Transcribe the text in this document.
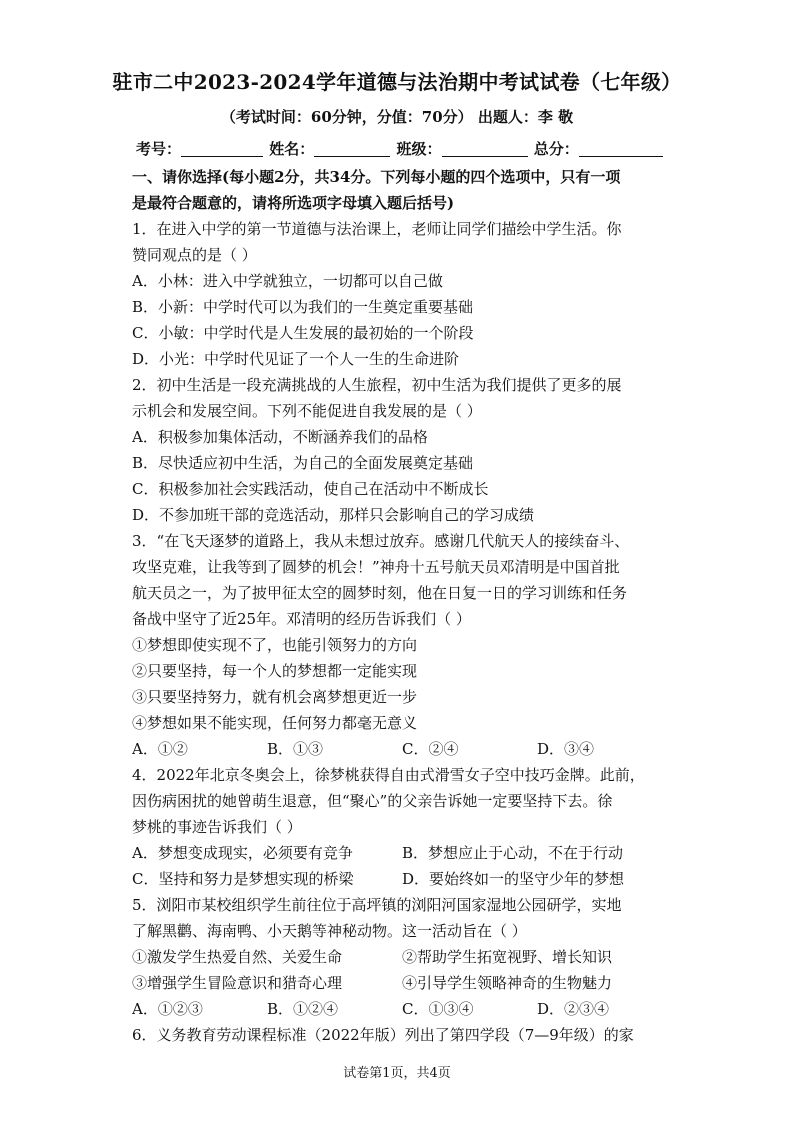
驻市二中2023-2024学年道德与法治期中考试试卷（七年级）
（考试时间：60分钟，分值：70分） 出题人：李 敬
考号：	姓名：	班级：	总分：
一、请你选择(每小题2分，共34分。下列每小题的四个选项中，只有一项
是最符合题意的，请将所选项字母填入题后括号)
1．在进入中学的第一节道德与法治课上，老师让同学们描绘中学生活。你
赞同观点的是（ ）
A．小林：进入中学就独立，一切都可以自己做
B．小新：中学时代可以为我们的一生奠定重要基础
C．小敏：中学时代是人生发展的最初始的一个阶段
D．小光：中学时代见证了一个人一生的生命进阶
2．初中生活是一段充满挑战的人生旅程，初中生活为我们提供了更多的展
示机会和发展空间。下列不能促进自我发展的是（ ）
A．积极参加集体活动，不断涵养我们的品格
B．尽快适应初中生活，为自己的全面发展奠定基础
C．积极参加社会实践活动，使自己在活动中不断成长
D．不参加班干部的竞选活动，那样只会影响自己的学习成绩
3．“在飞天逐梦的道路上，我从未想过放弃。感谢几代航天人的接续奋斗、
攻坚克难，让我等到了圆梦的机会！”神舟十五号航天员邓清明是中国首批
航天员之一，为了披甲征太空的圆梦时刻，他在日复一日的学习训练和任务
备战中坚守了近25年。邓清明的经历告诉我们（ ）
①梦想即使实现不了，也能引领努力的方向
②只要坚持，每一个人的梦想都一定能实现
③只要坚持努力，就有机会离梦想更近一步
④梦想如果不能实现，任何努力都毫无意义
A．①②	B．①③	C．②④	D．③④
4．2022年北京冬奥会上，徐梦桃获得自由式滑雪女子空中技巧金牌。此前，
因伤病困扰的她曾萌生退意，但“聚心”的父亲告诉她一定要坚持下去。徐
梦桃的事迹告诉我们（ ）
A．梦想变成现实，必须要有竞争	B．梦想应止于心动，不在于行动
C．坚持和努力是梦想实现的桥梁	D．要始终如一的坚守少年的梦想
5．浏阳市某校组织学生前往位于高坪镇的浏阳河国家湿地公园研学，实地
了解黑鹳、海南鸭、小天鹅等神秘动物。这一活动旨在（ ）
①激发学生热爱自然、关爱生命	②帮助学生拓宽视野、增长知识
③增强学生冒险意识和猎奇心理	④引导学生领略神奇的生物魅力
A．①②③	B．①②④	C．①③④	D．②③④
6．义务教育劳动课程标准（2022年版）列出了第四学段（7—9年级）的家
试卷第1页，共4页
